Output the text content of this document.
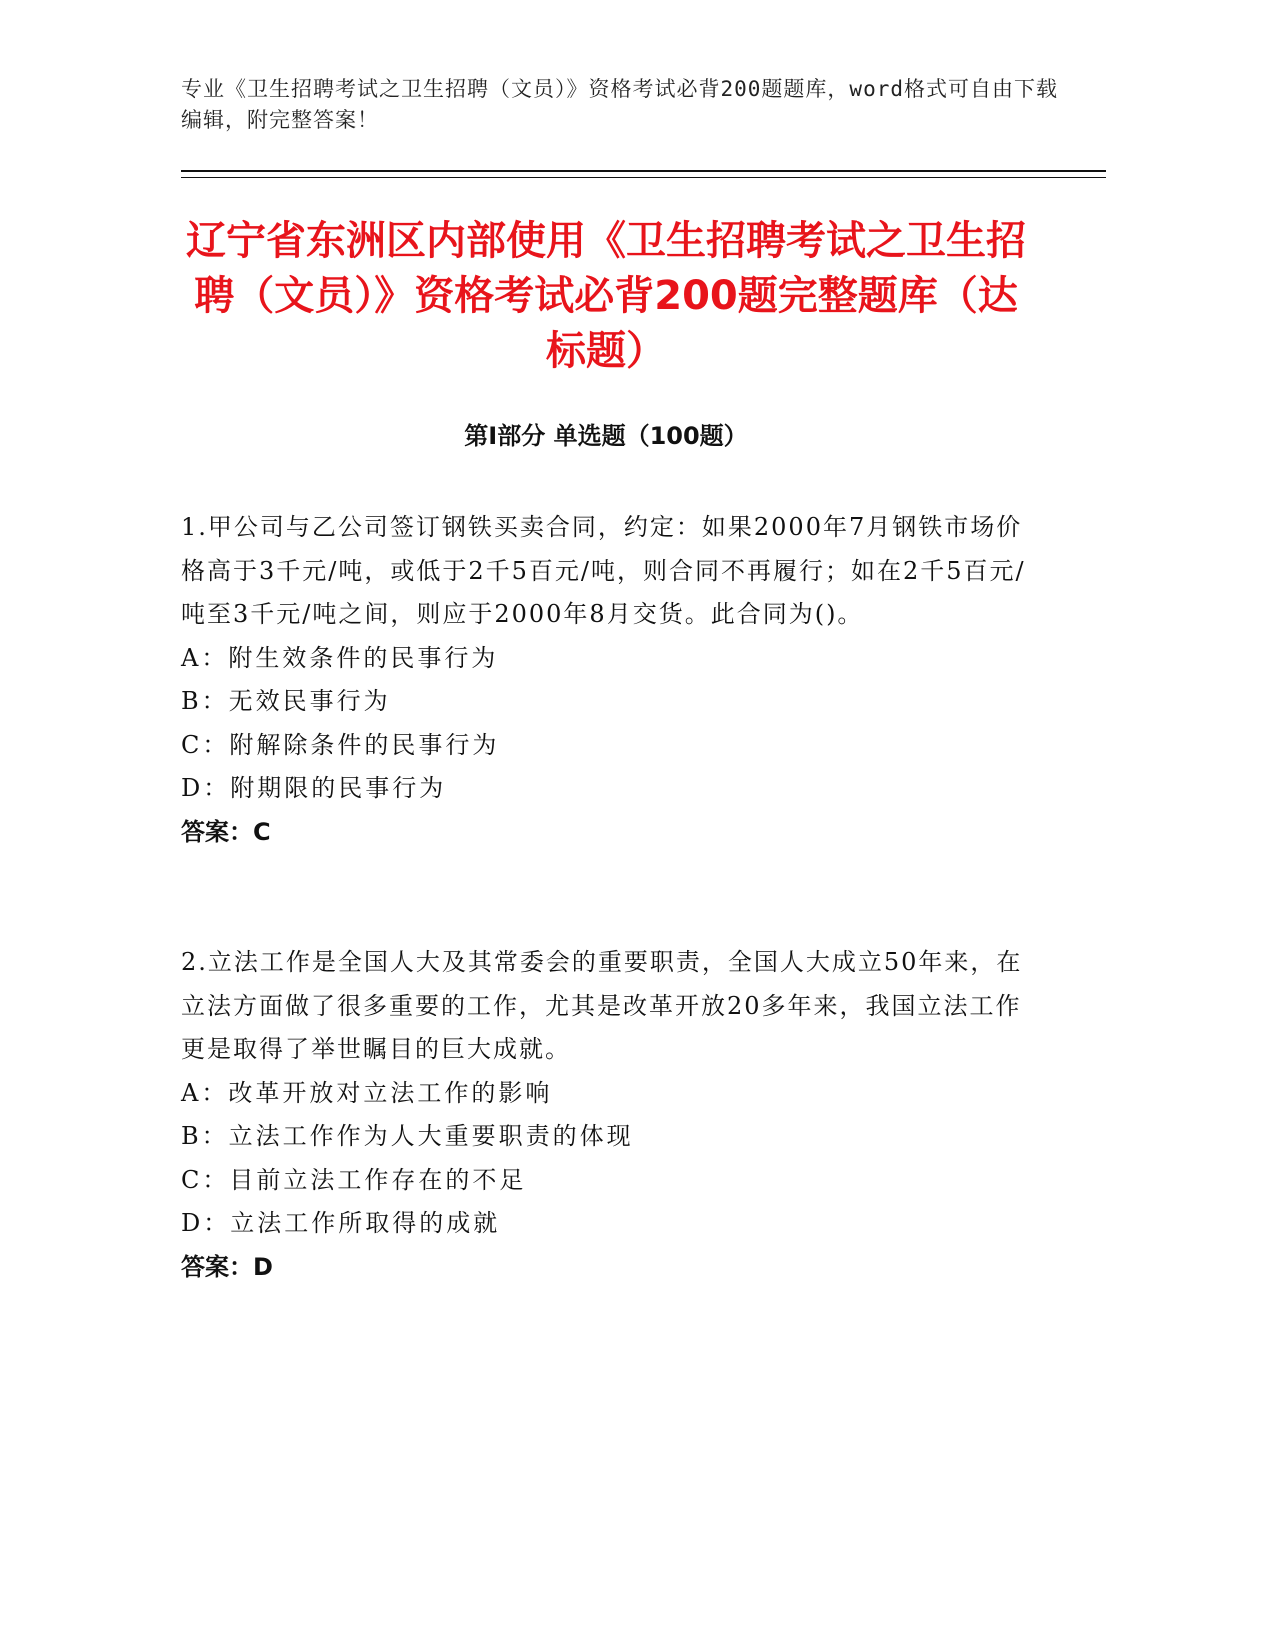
专业《卫生招聘考试之卫生招聘（文员）》资格考试必背200题题库，word格式可自由下载编辑，附完整答案！
辽宁省东洲区内部使用《卫生招聘考试之卫生招聘（文员）》资格考试必背200题完整题库（达标题）
第Ⅰ部分 单选题（100题）

1.甲公司与乙公司签订钢铁买卖合同，约定：如果2000年7月钢铁市场价格高于3千元/吨，或低于2千5百元/吨，则合同不再履行；如在2千5百元/吨至3千元/吨之间，则应于2000年8月交货。此合同为()。

A：附生效条件的民事行为

B：无效民事行为

C：附解除条件的民事行为

D：附期限的民事行为

答案：C

2.立法工作是全国人大及其常委会的重要职责，全国人大成立50年来，在立法方面做了很多重要的工作，尤其是改革开放20多年来，我国立法工作更是取得了举世瞩目的巨大成就。

A：改革开放对立法工作的影响

B：立法工作作为人大重要职责的体现

C：目前立法工作存在的不足

D：立法工作所取得的成就

答案：D
